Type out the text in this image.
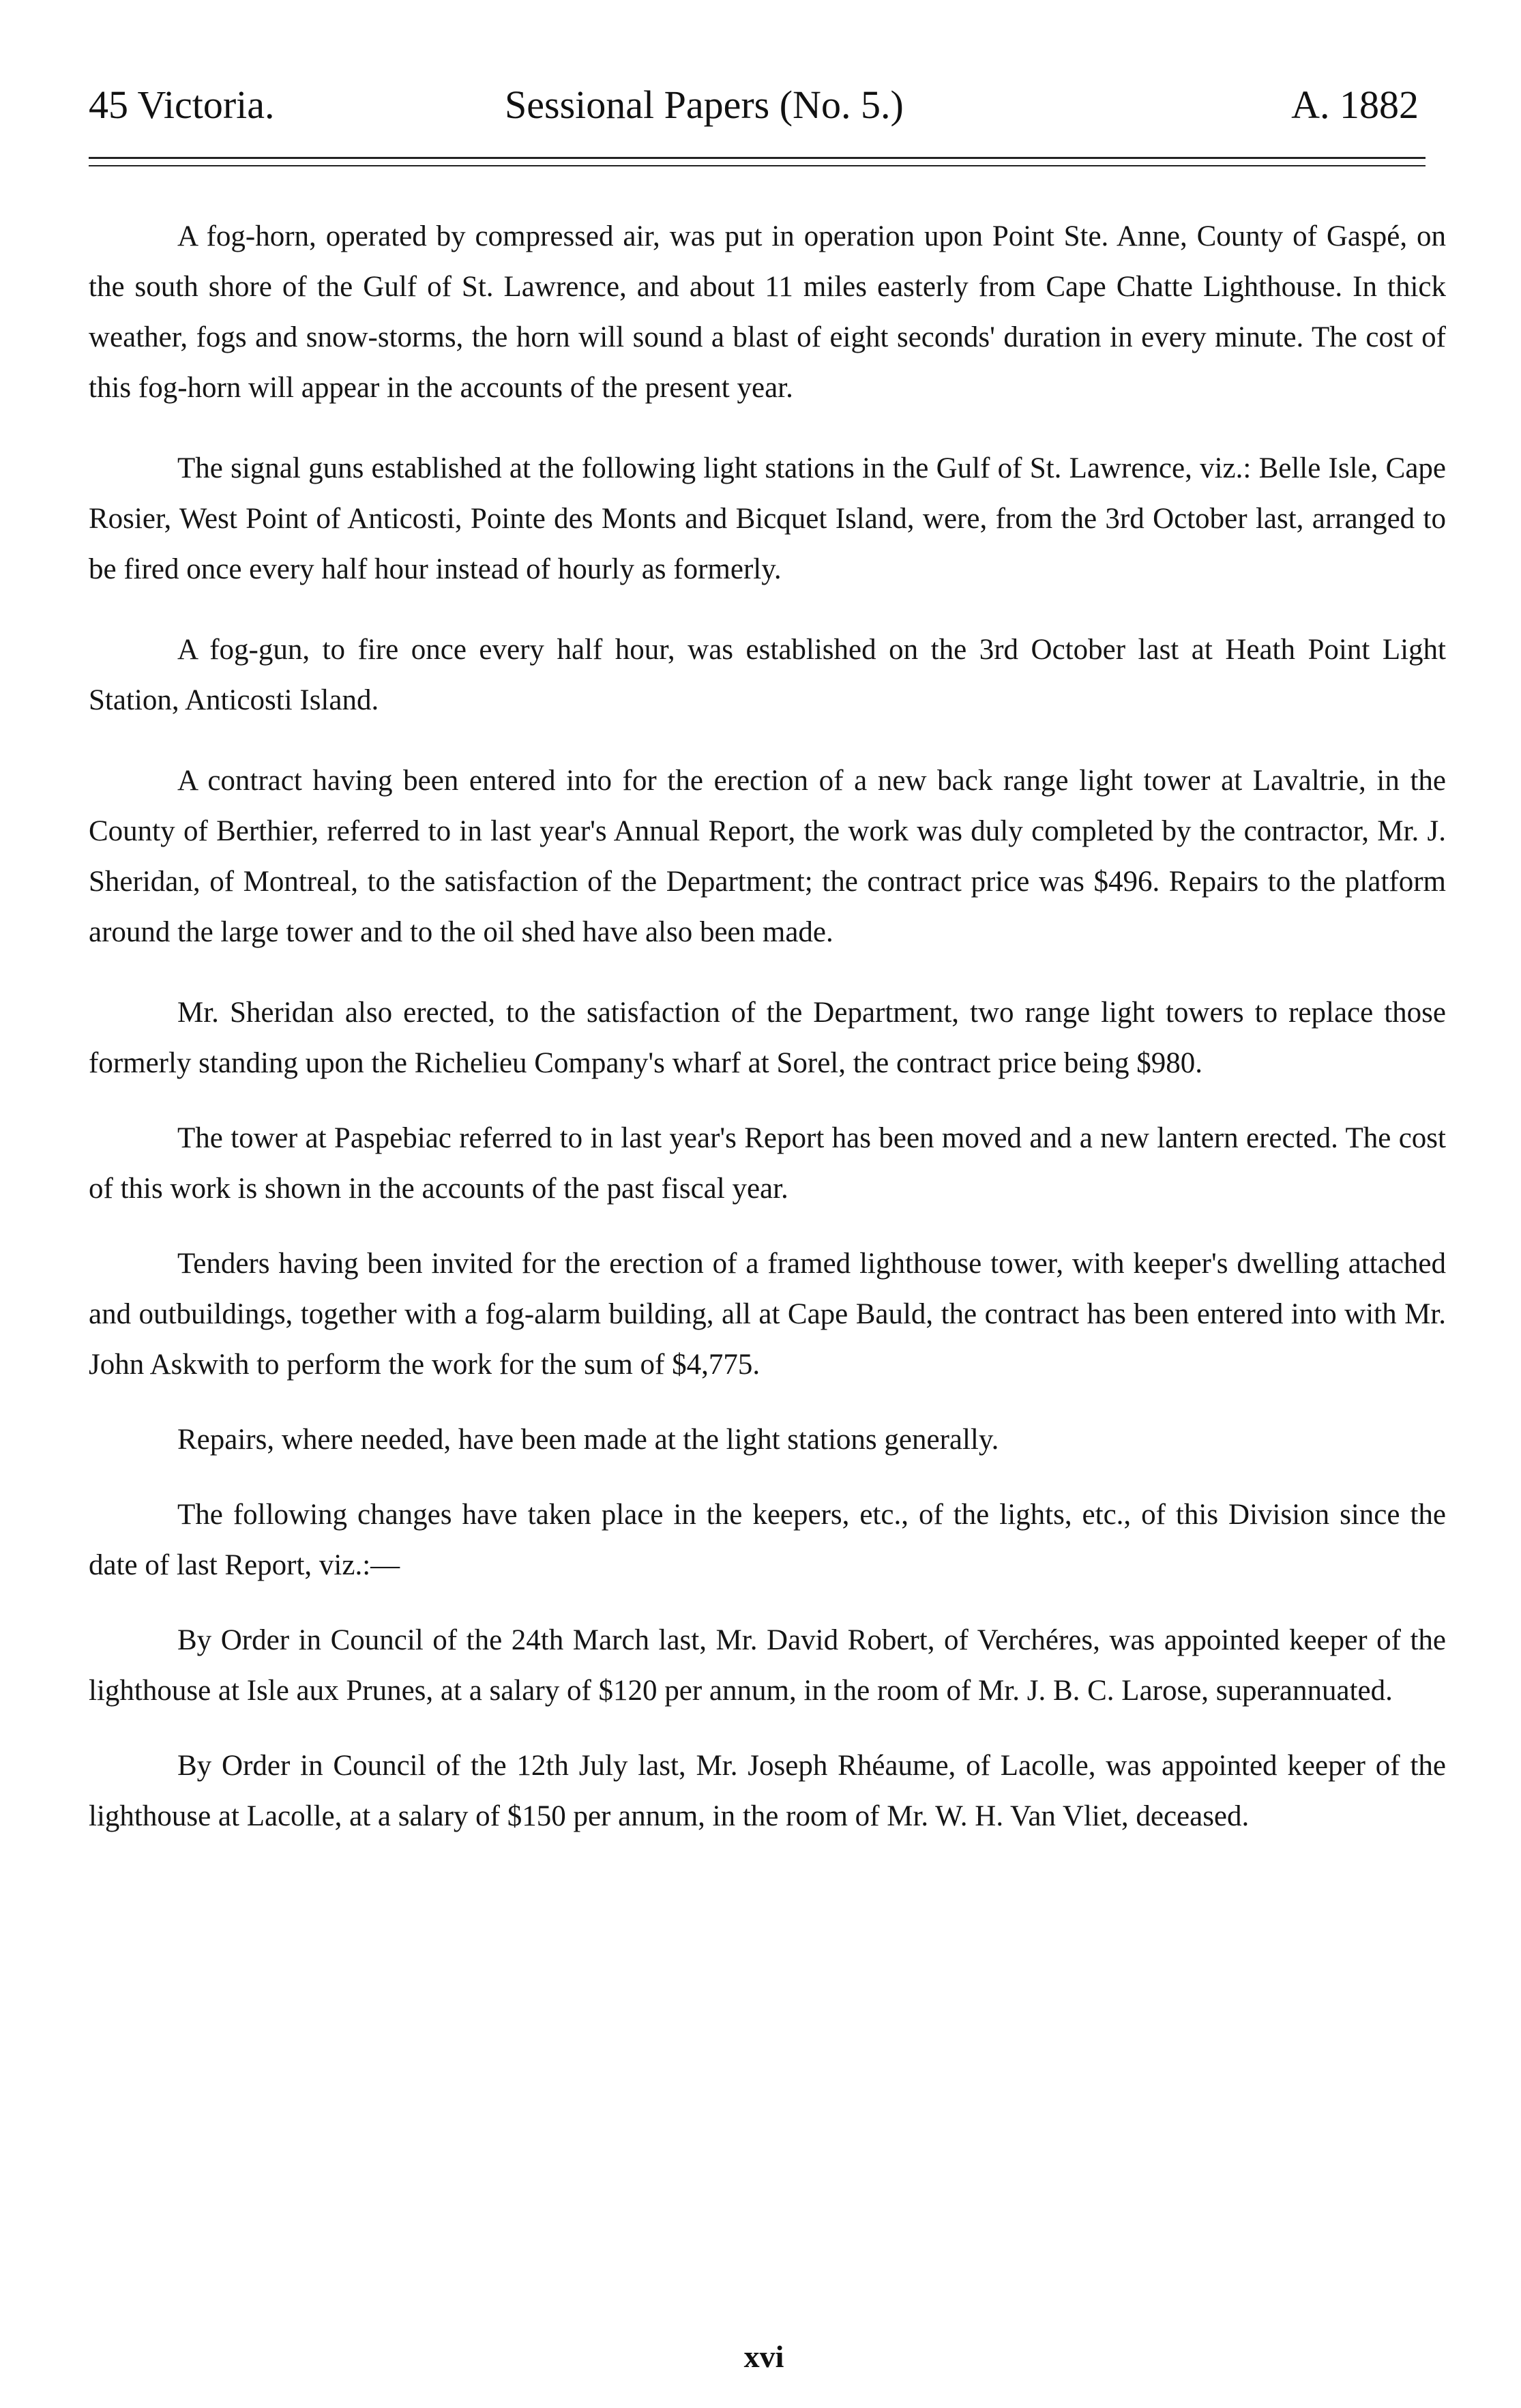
45 Victoria.	Sessional Papers (No. 5.)	A. 1882

A fog-horn, operated by compressed air, was put in operation upon Point Ste. Anne, County of Gaspé, on the south shore of the Gulf of St. Lawrence, and about 11 miles easterly from Cape Chatte Lighthouse. In thick weather, fogs and snow-storms, the horn will sound a blast of eight seconds' duration in every minute. The cost of this fog-horn will appear in the accounts of the present year.

The signal guns established at the following light stations in the Gulf of St. Lawrence, viz.: Belle Isle, Cape Rosier, West Point of Anticosti, Pointe des Monts and Bicquet Island, were, from the 3rd October last, arranged to be fired once every half hour instead of hourly as formerly.

A fog-gun, to fire once every half hour, was established on the 3rd October last at Heath Point Light Station, Anticosti Island.

A contract having been entered into for the erection of a new back range light tower at Lavaltrie, in the County of Berthier, referred to in last year's Annual Report, the work was duly completed by the contractor, Mr. J. Sheridan, of Montreal, to the satisfaction of the Department; the contract price was $496. Repairs to the platform around the large tower and to the oil shed have also been made.

Mr. Sheridan also erected, to the satisfaction of the Department, two range light towers to replace those formerly standing upon the Richelieu Company's wharf at Sorel, the contract price being $980.

The tower at Paspebiac referred to in last year's Report has been moved and a new lantern erected. The cost of this work is shown in the accounts of the past fiscal year.

Tenders having been invited for the erection of a framed lighthouse tower, with keeper's dwelling attached and outbuildings, together with a fog-alarm building, all at Cape Bauld, the contract has been entered into with Mr. John Askwith to perform the work for the sum of $4,775.

Repairs, where needed, have been made at the light stations generally.

The following changes have taken place in the keepers, etc., of the lights, etc., of this Division since the date of last Report, viz.:—

By Order in Council of the 24th March last, Mr. David Robert, of Verchéres, was appointed keeper of the lighthouse at Isle aux Prunes, at a salary of $120 per annum, in the room of Mr. J. B. C. Larose, superannuated.

By Order in Council of the 12th July last, Mr. Joseph Rhéaume, of Lacolle, was appointed keeper of the lighthouse at Lacolle, at a salary of $150 per annum, in the room of Mr. W. H. Van Vliet, deceased.

xvi
